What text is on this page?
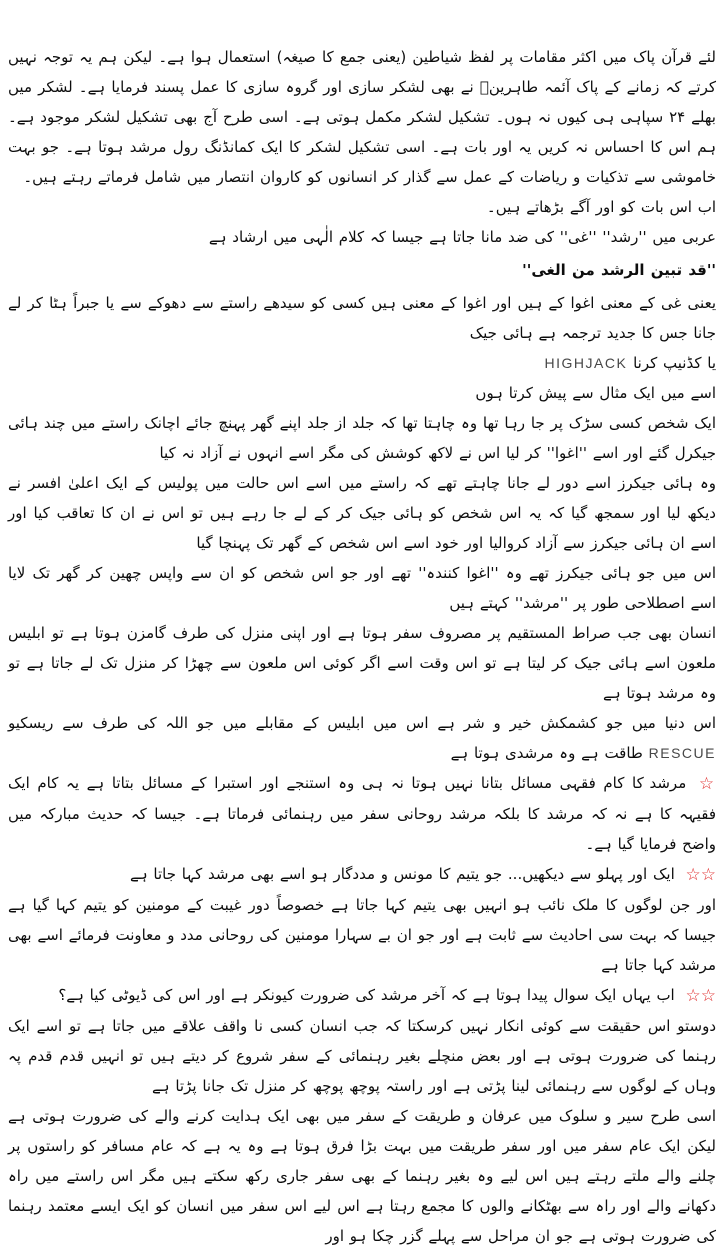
لئے قرآن پاک میں اکثر مقامات پر لفظ شیاطین (یعنی جمع کا صیغہ) استعمال ہوا ہے۔ لیکن ہم یہ توجہ نہیں کرتے کہ زمانے کے پاک آئمہ طاہرینؑ نے بھی لشکر سازی اور گروہ سازی کا عمل پسند فرمایا ہے۔ لشکر میں بھلے ۲۴ سپاہی ہی کیوں نہ ہوں۔ تشکیل لشکر مکمل ہوتی ہے۔ اسی طرح آج بھی تشکیل لشکر موجود ہے۔ ہم اس کا احساس نہ کریں یہ اور بات ہے۔ اسی تشکیل لشکر کا ایک کمانڈنگ رول مرشد ہوتا ہے۔ جو بہت خاموشی سے تذکیات و ریاضات کے عمل سے گذار کر انسانوں کو کاروان انتصار میں شامل فرماتے رہتے ہیں۔

اب اس بات کو اور آگے بڑھاتے ہیں۔

عربی میں ''رشد'' ''غی'' کی ضد مانا جاتا ہے جیسا کہ کلام الٰہی میں ارشاد ہے

''قد تبین الرشد من الغی''

یعنی غی کے معنی اغوا کے ہیں اور اغوا کے معنی ہیں کسی کو سیدھے راستے سے دھوکے سے یا جبراً ہٹا کر لے جانا جس کا جدید ترجمہ ہے ہائی جیک

یا کڈنیپ کرنا HIGHJACK

اسے میں ایک مثال سے پیش کرتا ہوں

ایک شخص کسی سڑک پر جا رہا تھا وہ چاہتا تھا کہ جلد از جلد اپنے گھر پہنچ جائے اچانک راستے میں چند ہائی جیکرل گئے اور اسے ''اغوا'' کر لیا اس نے لاکھ کوشش کی مگر اسے انہوں نے آزاد نہ کیا

وہ ہائی جیکرز اسے دور لے جانا چاہتے تھے کہ راستے میں اسے اس حالت میں پولیس کے ایک اعلیٰ افسر نے دیکھ لیا اور سمجھ گیا کہ یہ اس شخص کو ہائی جیک کر کے لے جا رہے ہیں تو اس نے ان کا تعاقب کیا اور اسے ان ہائی جیکرز سے آزاد کروالیا اور خود اسے اس شخص کے گھر تک پہنچا گیا

اس میں جو ہائی جیکرز تھے وہ ''اغوا کنندہ'' تھے اور جو اس شخص کو ان سے واپس چھین کر گھر تک لایا اسے اصطلاحی طور پر ''مرشد'' کہتے ہیں

انسان بھی جب صراط المستقیم پر مصروف سفر ہوتا ہے اور اپنی منزل کی طرف گامزن ہوتا ہے تو ابلیس ملعون اسے ہائی جیک کر لیتا ہے تو اس وقت اسے اگر کوئی اس ملعون سے چھڑا کر منزل تک لے جاتا ہے تو وہ مرشد ہوتا ہے

اس دنیا میں جو کشمکش خیر و شر ہے اس میں ابلیس کے مقابلے میں جو اللہ کی طرف سے ریسکیو RESCUE طاقت ہے وہ مرشدی ہوتا ہے

☆ مرشد کا کام فقہی مسائل بتانا نہیں ہوتا نہ ہی وہ استنجے اور استبرا کے مسائل بتاتا ہے یہ کام ایک فقیہہ کا ہے نہ کہ مرشد کا بلکہ مرشد روحانی سفر میں رہنمائی فرماتا ہے۔ جیسا کہ حدیث مبارکہ میں واضح فرمایا گیا ہے۔

☆☆ ایک اور پہلو سے دیکھیں... جو یتیم کا مونس و مددگار ہو اسے بھی مرشد کہا جاتا ہے

اور جن لوگوں کا ملک نائب ہو انہیں بھی یتیم کہا جاتا ہے خصوصاً دور غیبت کے مومنین کو یتیم کہا گیا ہے جیسا کہ بہت سی احادیث سے ثابت ہے اور جو ان بے سہارا مومنین کی روحانی مدد و معاونت فرمائے اسے بھی مرشد کہا جاتا ہے

☆☆ اب یہاں ایک سوال پیدا ہوتا ہے کہ آخر مرشد کی ضرورت کیونکر ہے اور اس کی ڈیوٹی کیا ہے؟

دوستو اس حقیقت سے کوئی انکار نہیں کرسکتا کہ جب انسان کسی نا واقف علاقے میں جاتا ہے تو اسے ایک رہنما کی ضرورت ہوتی ہے اور بعض منچلے بغیر رہنمائی کے سفر شروع کر دیتے ہیں تو انہیں قدم قدم پہ وہاں کے لوگوں سے رہنمائی لینا پڑتی ہے اور راستہ پوچھ پوچھ کر منزل تک جانا پڑتا ہے

اسی طرح سیر و سلوک میں عرفان و طریقت کے سفر میں بھی ایک ہدایت کرنے والے کی ضرورت ہوتی ہے لیکن ایک عام سفر میں اور سفر طریقت میں بہت بڑا فرق ہوتا ہے وہ یہ ہے کہ عام مسافر کو راستوں پر چلنے والے ملتے رہتے ہیں اس لیے وہ بغیر رہنما کے بھی سفر جاری رکھ سکتے ہیں مگر اس راستے میں راہ دکھانے والے اور راہ سے بھٹکانے والوں کا مجمع رہتا ہے اس لیے اس سفر میں انسان کو ایک ایسے معتمد رہنما کی ضرورت ہوتی ہے جو ان مراحل سے پہلے گزر چکا ہو اور
